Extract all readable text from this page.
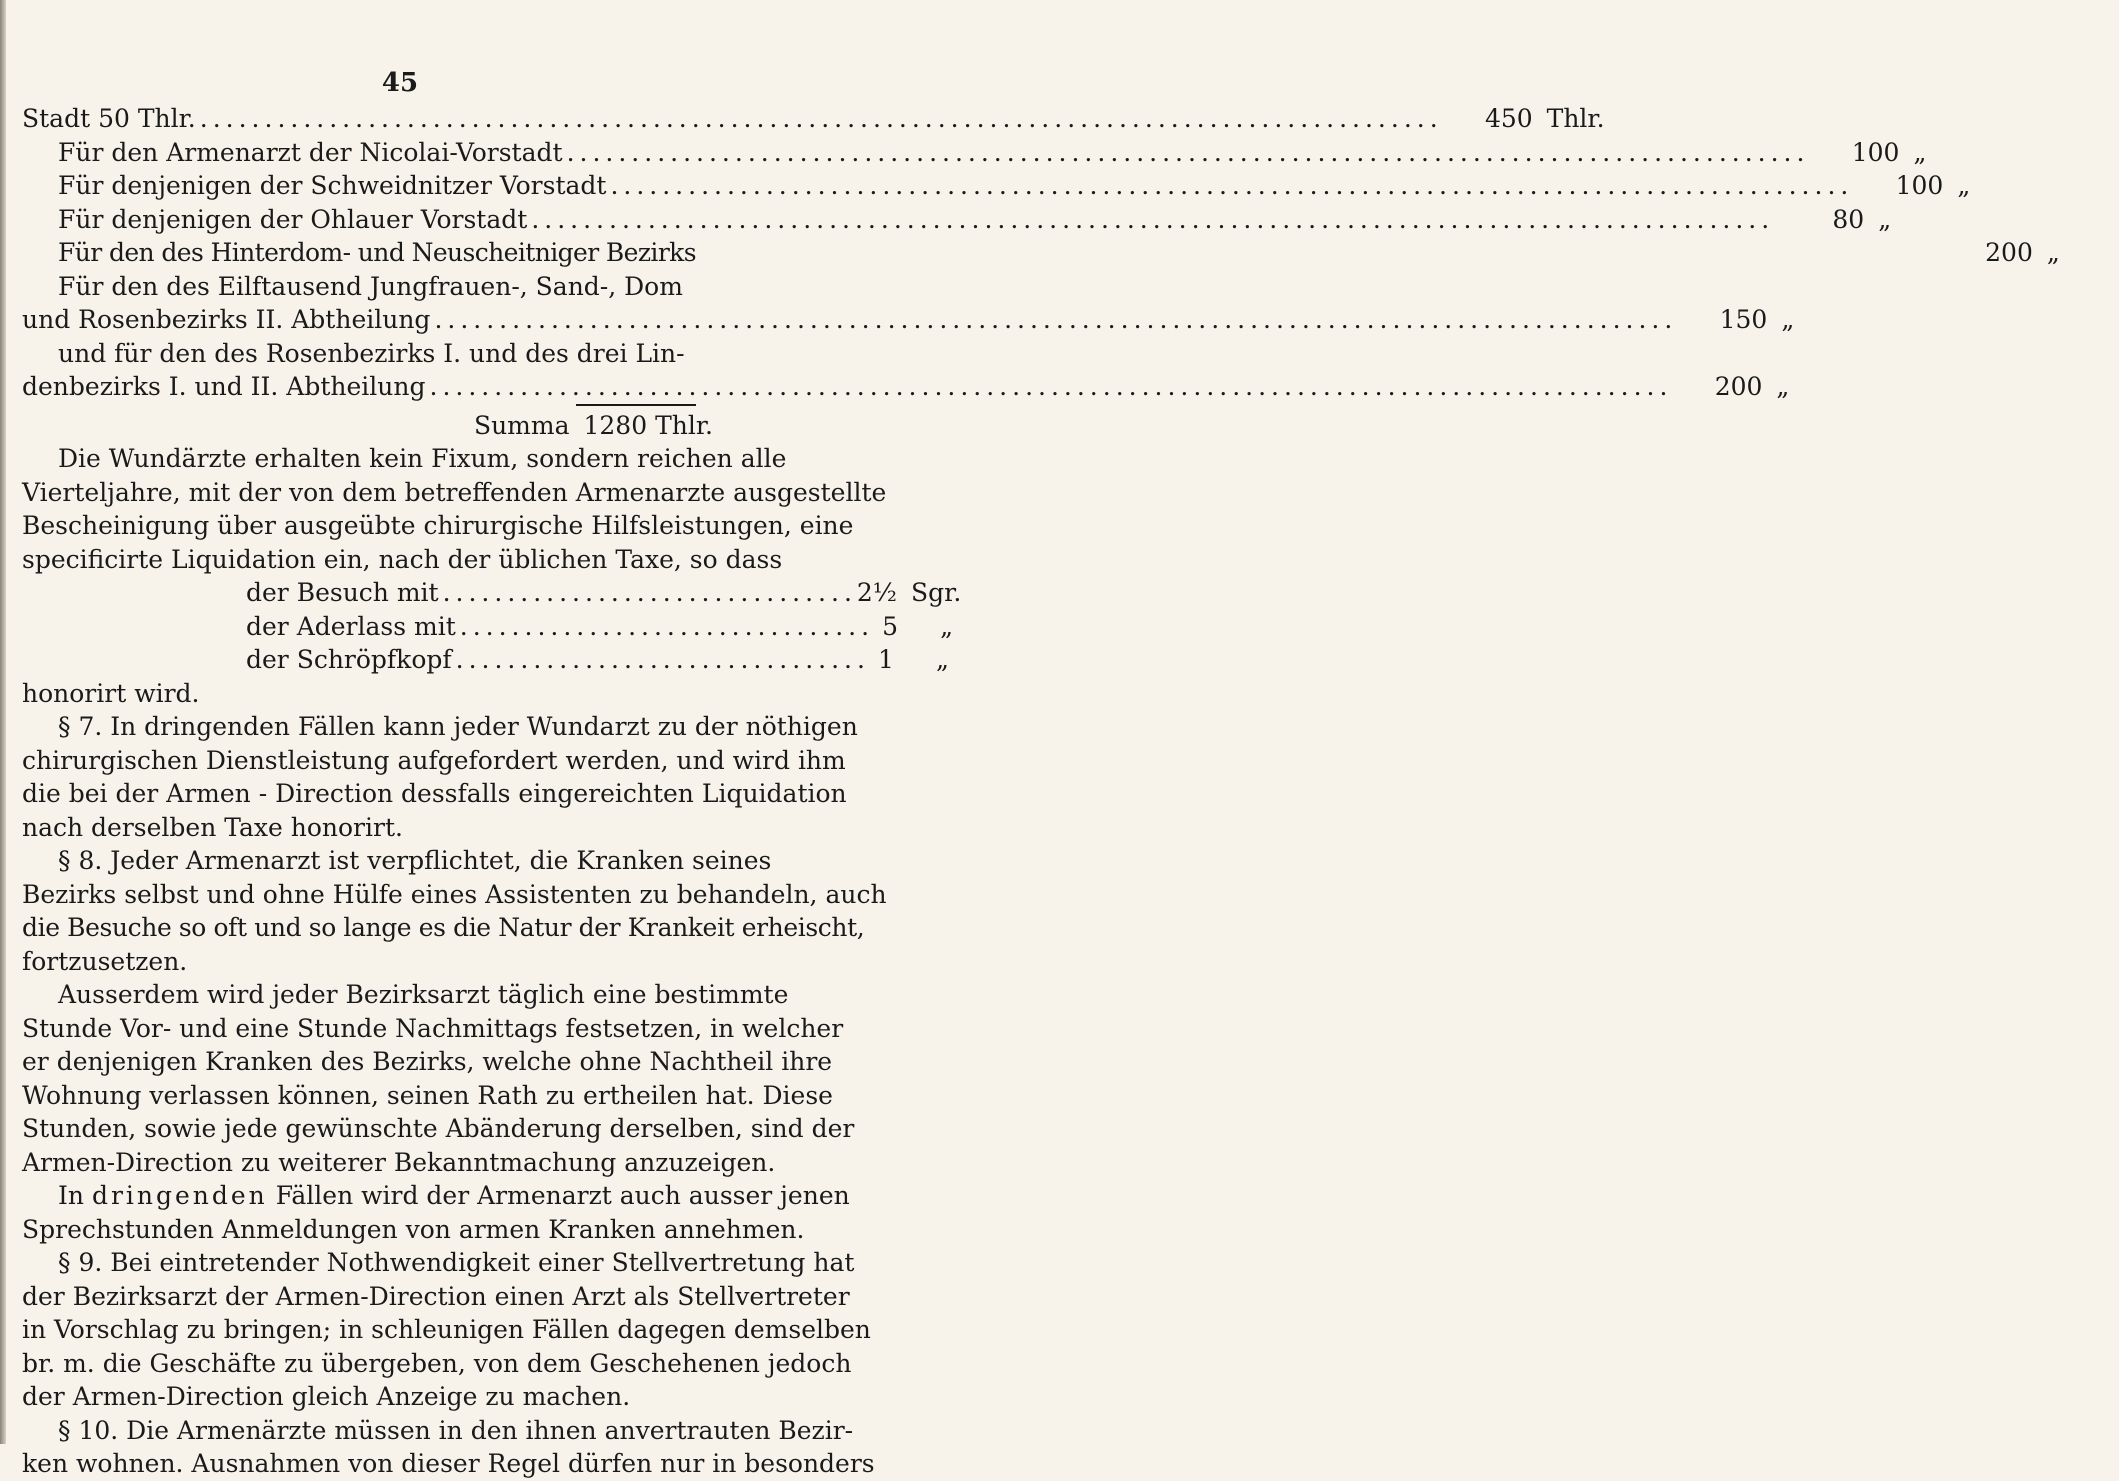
45
Stadt 50 Thlr. .....	450 Thlr.
Für den Armenarzt der Nicolai-Vorstadt .....	100 „
Für denjenigen der Schweidnitzer Vorstadt .....	100 „
Für denjenigen der Ohlauer Vorstadt .....	80 „
Für den des Hinterdom- und Neuscheitniger Bezirks	200 „
Für den des Eilftausend Jungfrauen-, Sand-, Dom
und Rosenbezirks II. Abtheilung .....	150 „
und für den des Rosenbezirks I. und des drei Lin-
denbezirks I. und II. Abtheilung .....	200 „
Summa 1280 Thlr.
Die Wundärzte erhalten kein Fixum, sondern reichen alle
Vierteljahre, mit der von dem betreffenden Armenarzte ausgestellte
Bescheinigung über ausgeübte chirurgische Hilfsleistungen, eine
specificirte Liquidation ein, nach der üblichen Taxe, so dass
der Besuch mit .....	2½ Sgr.
der Aderlass mit .....	5	„
der Schröpfkopf .....	1	„
honorirt wird.
§ 7. In dringenden Fällen kann jeder Wundarzt zu der nöthigen
chirurgischen Dienstleistung aufgefordert werden, und wird ihm
die bei der Armen - Direction dessfalls eingereichten Liquidation
nach derselben Taxe honorirt.
§ 8. Jeder Armenarzt ist verpflichtet, die Kranken seines
Bezirks selbst und ohne Hülfe eines Assistenten zu behandeln, auch
die Besuche so oft und so lange es die Natur der Krankeit erheischt,
fortzusetzen.
Ausserdem wird jeder Bezirksarzt täglich eine bestimmte
Stunde Vor- und eine Stunde Nachmittags festsetzen, in welcher
er denjenigen Kranken des Bezirks, welche ohne Nachtheil ihre
Wohnung verlassen können, seinen Rath zu ertheilen hat. Diese
Stunden, sowie jede gewünschte Abänderung derselben, sind der
Armen-Direction zu weiterer Bekanntmachung anzuzeigen.
In dringenden Fällen wird der Armenarzt auch ausser jenen
Sprechstunden Anmeldungen von armen Kranken annehmen.
§ 9. Bei eintretender Nothwendigkeit einer Stellvertretung hat
der Bezirksarzt der Armen-Direction einen Arzt als Stellvertreter
in Vorschlag zu bringen; in schleunigen Fällen dagegen demselben
br. m. die Geschäfte zu übergeben, von dem Geschehenen jedoch
der Armen-Direction gleich Anzeige zu machen.
§ 10. Die Armenärzte müssen in den ihnen anvertrauten Bezir-
ken wohnen. Ausnahmen von dieser Regel dürfen nur in besonders
